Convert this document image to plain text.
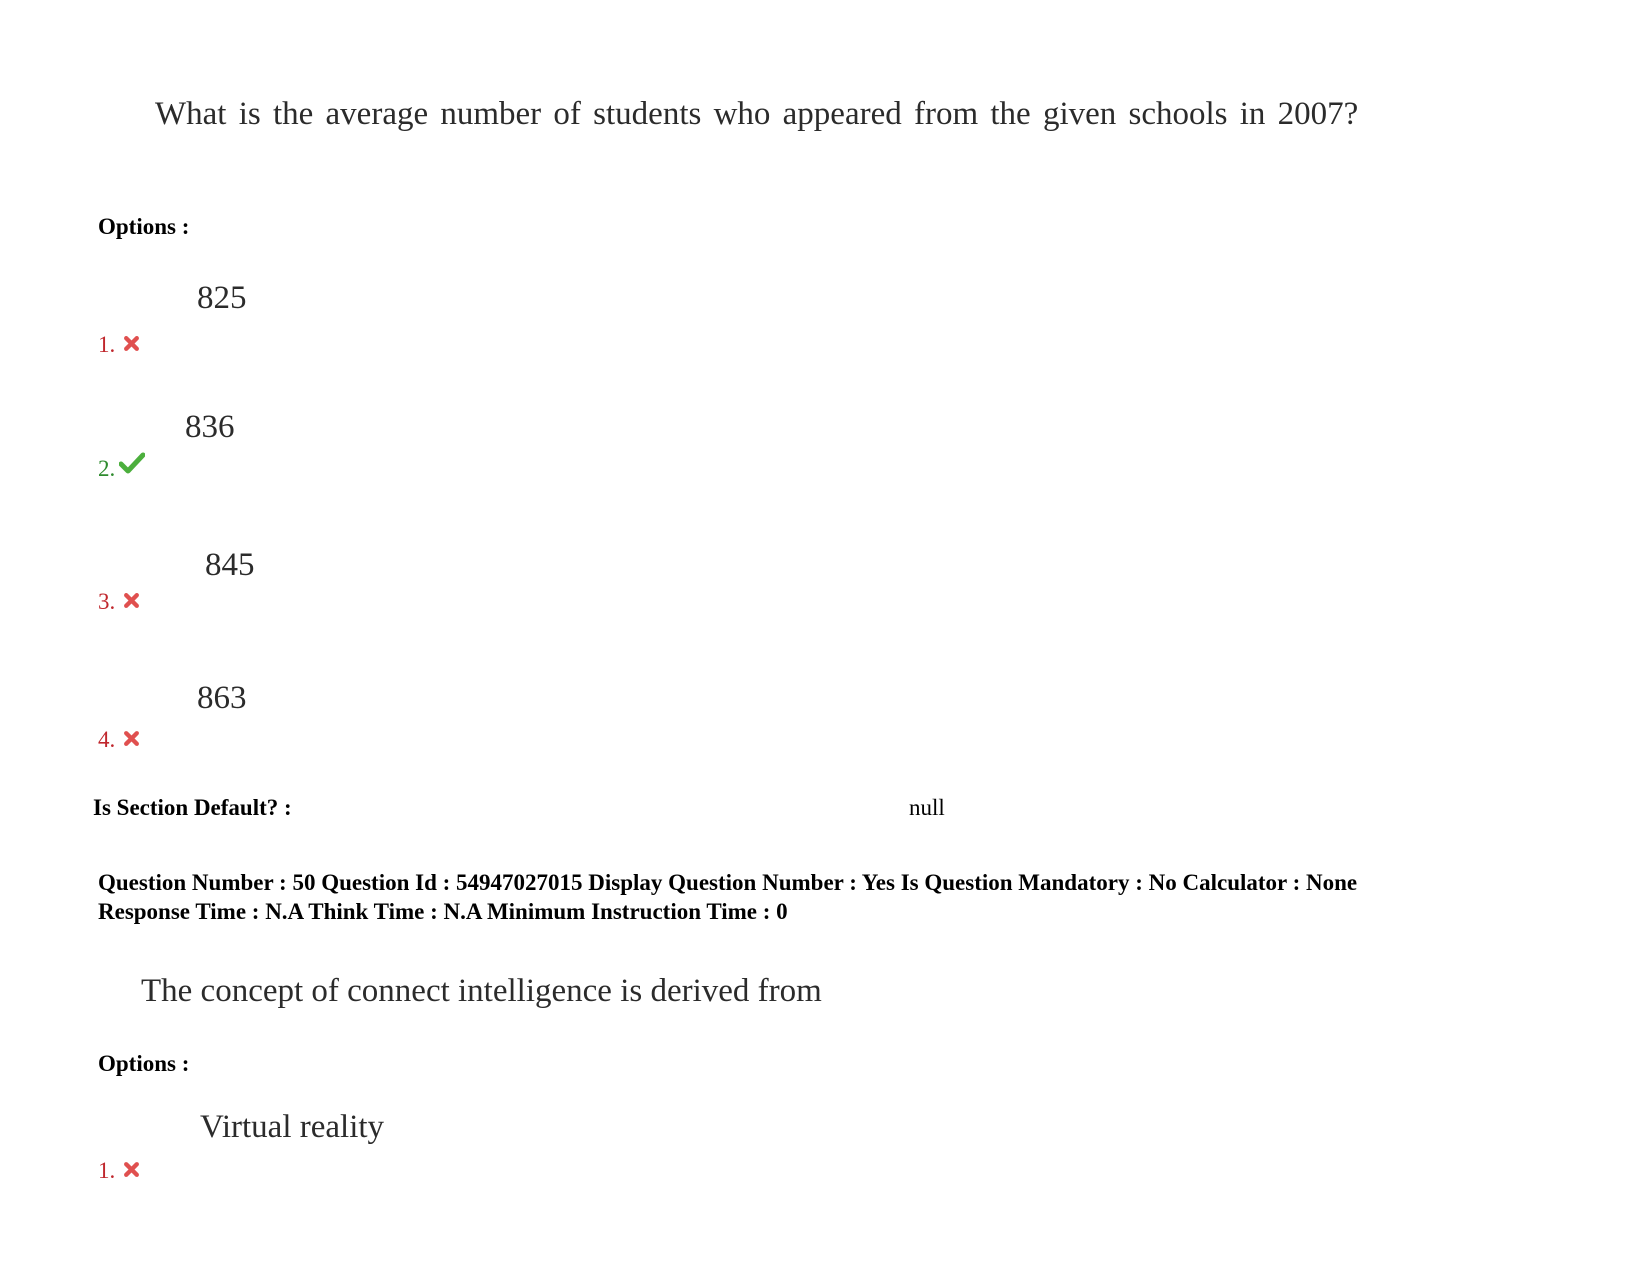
What is the average number of students who appeared from the given schools in 2007?
Options :
825
1.
836
2.
845
3.
863
4.
Is Section Default? :	null
Question Number : 50 Question Id : 54947027015 Display Question Number : Yes Is Question Mandatory : No Calculator : None
Response Time : N.A Think Time : N.A Minimum Instruction Time : 0
The concept of connect intelligence is derived from
Options :
Virtual reality
1.
